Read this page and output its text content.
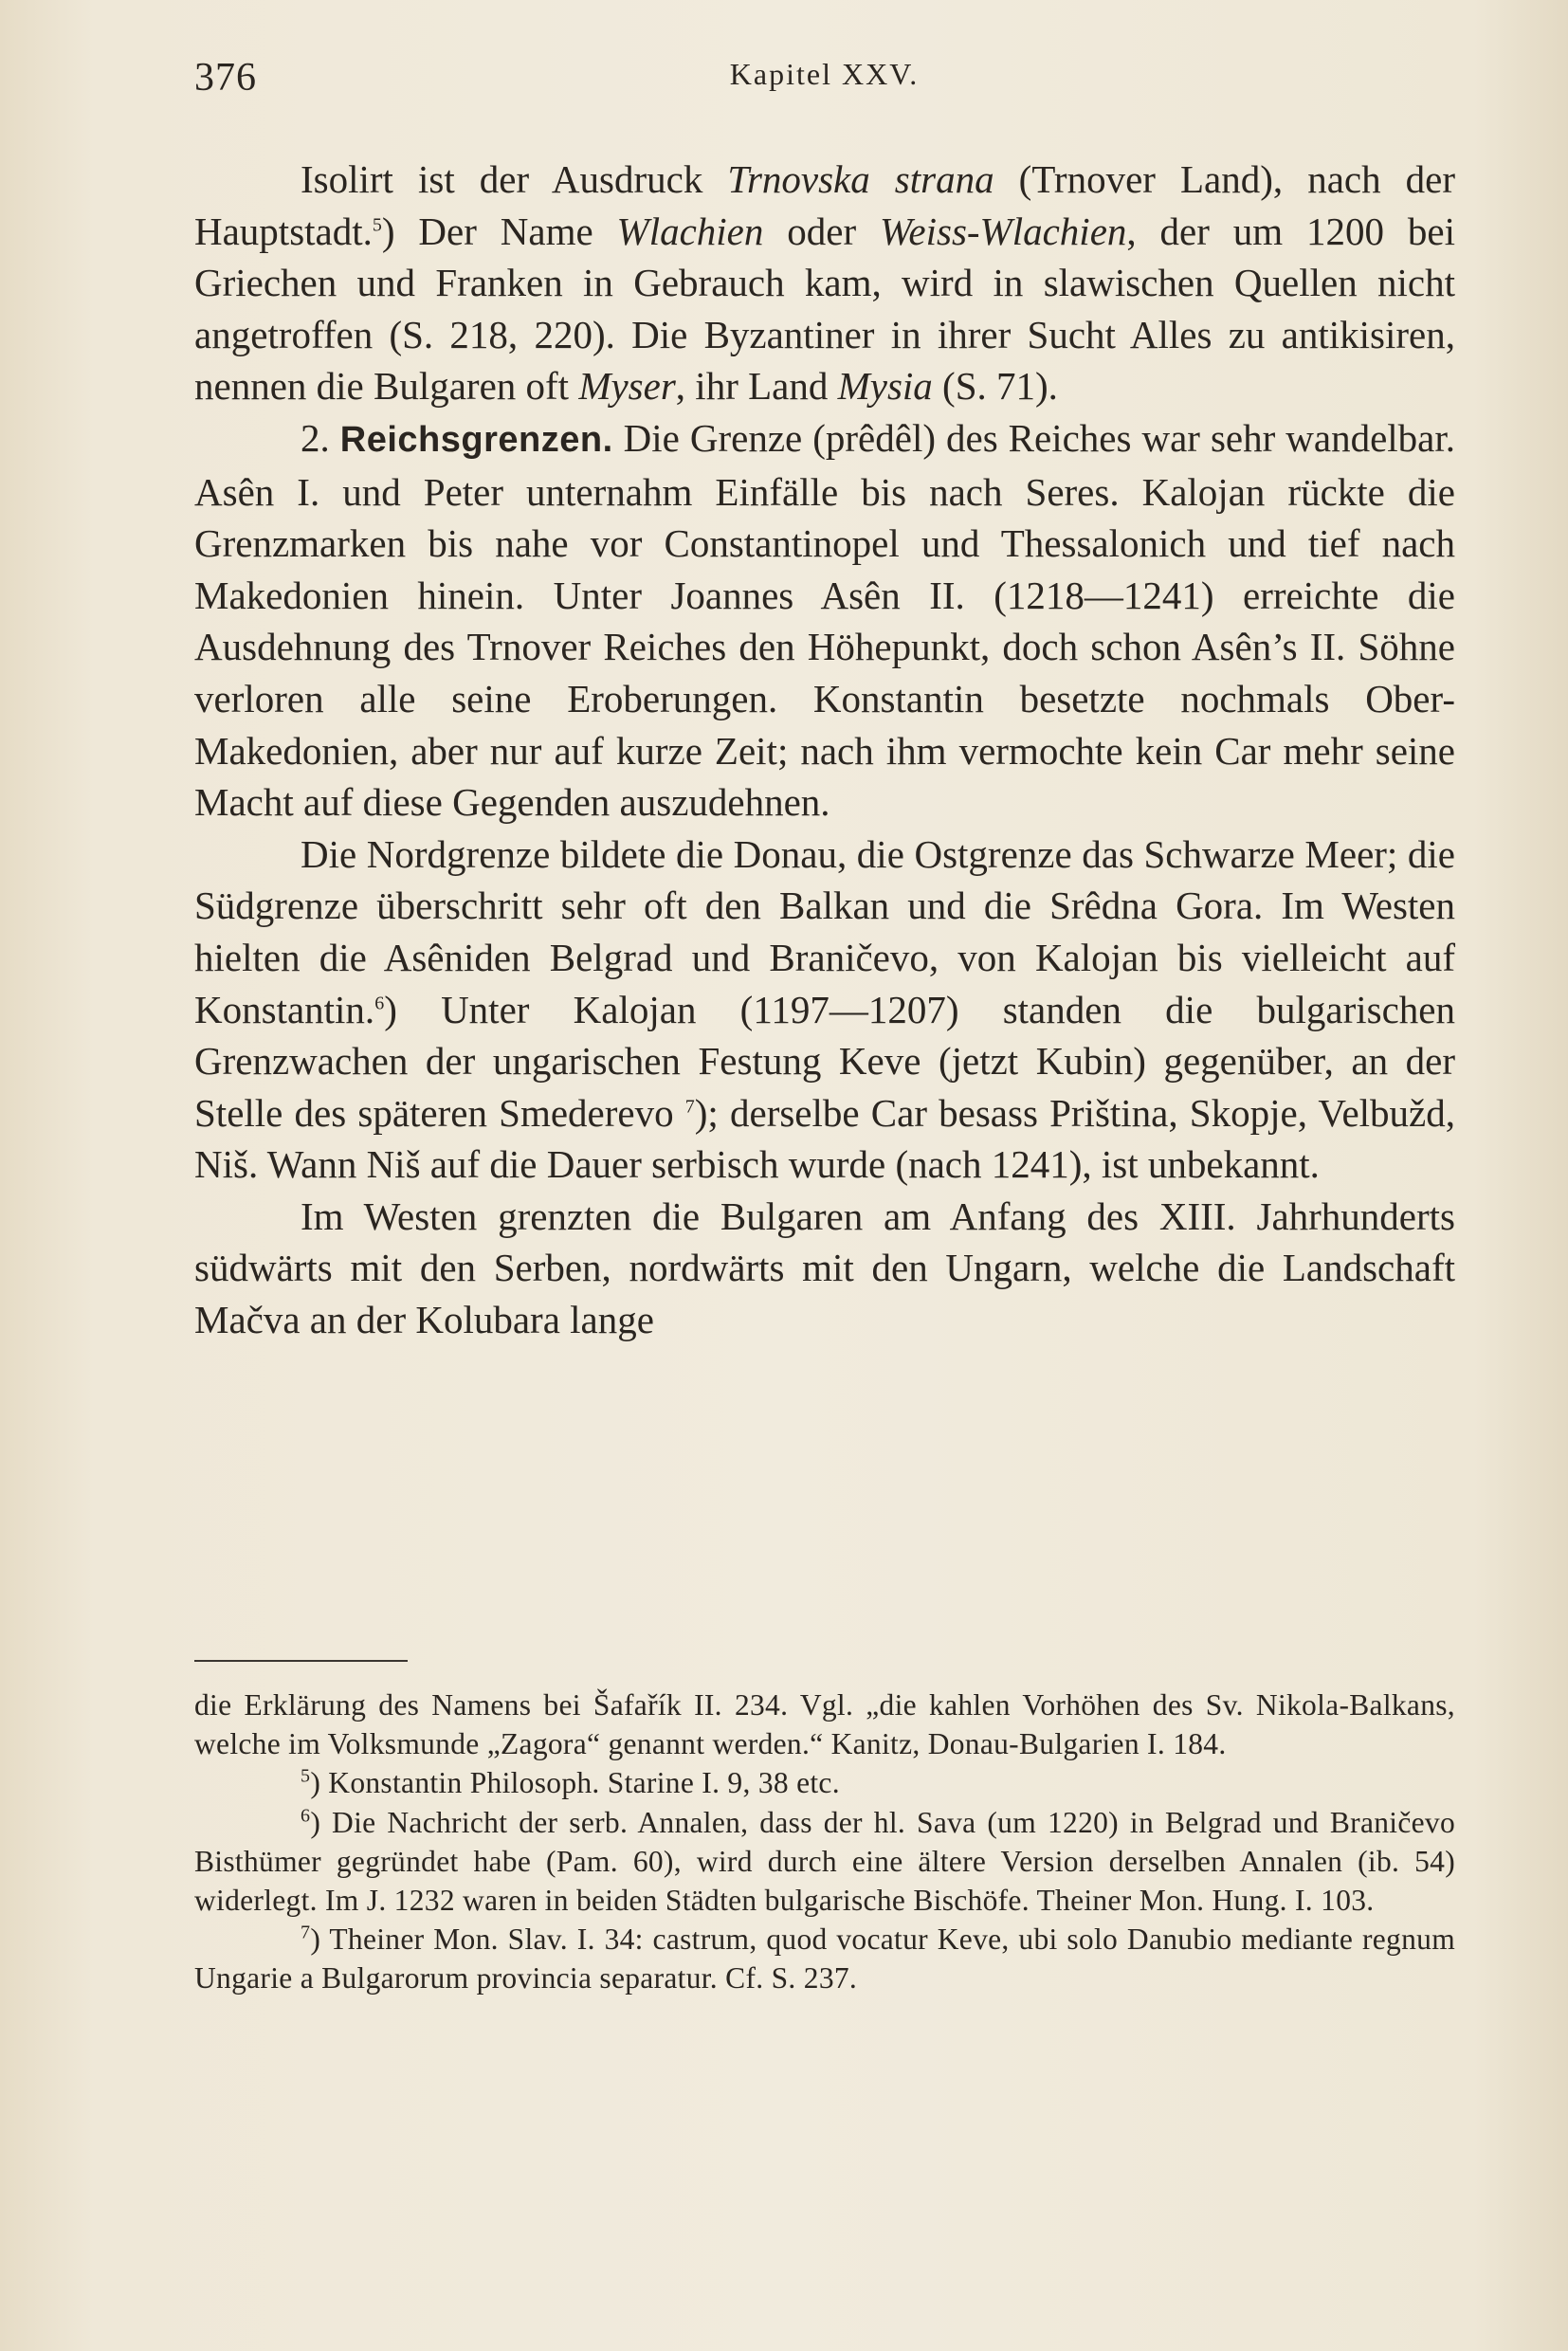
376	Kapitel XXV.

Isolirt ist der Ausdruck Trnovska strana (Trnover Land), nach der Hauptstadt.$^5$) Der Name Wlachien oder Weiss-Wlachien, der um 1200 bei Griechen und Franken in Gebrauch kam, wird in slawischen Quellen nicht angetroffen (S. 218, 220). Die Byzantiner in ihrer Sucht Alles zu antikisiren, nennen die Bulgaren oft Myser, ihr Land Mysia (S. 71).

2. Reichsgrenzen. Die Grenze (prêdêl) des Reiches war sehr wandelbar. Asên I. und Peter unternahm Einfälle bis nach Seres. Kalojan rückte die Grenzmarken bis nahe vor Constantinopel und Thessalonich und tief nach Makedonien hinein. Unter Joannes Asên II. (1218—1241) erreichte die Ausdehnung des Trnover Reiches den Höhepunkt, doch schon Asên’s II. Söhne verloren alle seine Eroberungen. Konstantin besetzte nochmals Ober-Makedonien, aber nur auf kurze Zeit; nach ihm vermochte kein Car mehr seine Macht auf diese Gegenden auszudehnen.

Die Nordgrenze bildete die Donau, die Ostgrenze das Schwarze Meer; die Südgrenze überschritt sehr oft den Balkan und die Srêdna Gora. Im Westen hielten die Asêniden Belgrad und Braničevo, von Kalojan bis vielleicht auf Konstantin.$^6$) Unter Kalojan (1197—1207) standen die bulgarischen Grenzwachen der ungarischen Festung Keve (jetzt Kubin) gegenüber, an der Stelle des späteren Smederevo $^7$); derselbe Car besass Priština, Skopje, Velbužd, Niš. Wann Niš auf die Dauer serbisch wurde (nach 1241), ist unbekannt.

Im Westen grenzten die Bulgaren am Anfang des XIII. Jahrhunderts südwärts mit den Serben, nordwärts mit den Ungarn, welche die Landschaft Mačva an der Kolubara lange

die Erklärung des Namens bei Šafařík II. 234. Vgl. „die kahlen Vorhöhen des Sv. Nikola-Balkans, welche im Volksmunde „Zagora“ genannt werden.“ Kanitz, Donau-Bulgarien I. 184.

$^5$) Konstantin Philosoph. Starine I. 9, 38 etc.

$^6$) Die Nachricht der serb. Annalen, dass der hl. Sava (um 1220) in Belgrad und Braničevo Bisthümer gegründet habe (Pam. 60), wird durch eine ältere Version derselben Annalen (ib. 54) widerlegt. Im J. 1232 waren in beiden Städten bulgarische Bischöfe. Theiner Mon. Hung. I. 103.

$^7$) Theiner Mon. Slav. I. 34: castrum, quod vocatur Keve, ubi solo Danubio mediante regnum Ungarie a Bulgarorum provincia separatur. Cf. S. 237.
